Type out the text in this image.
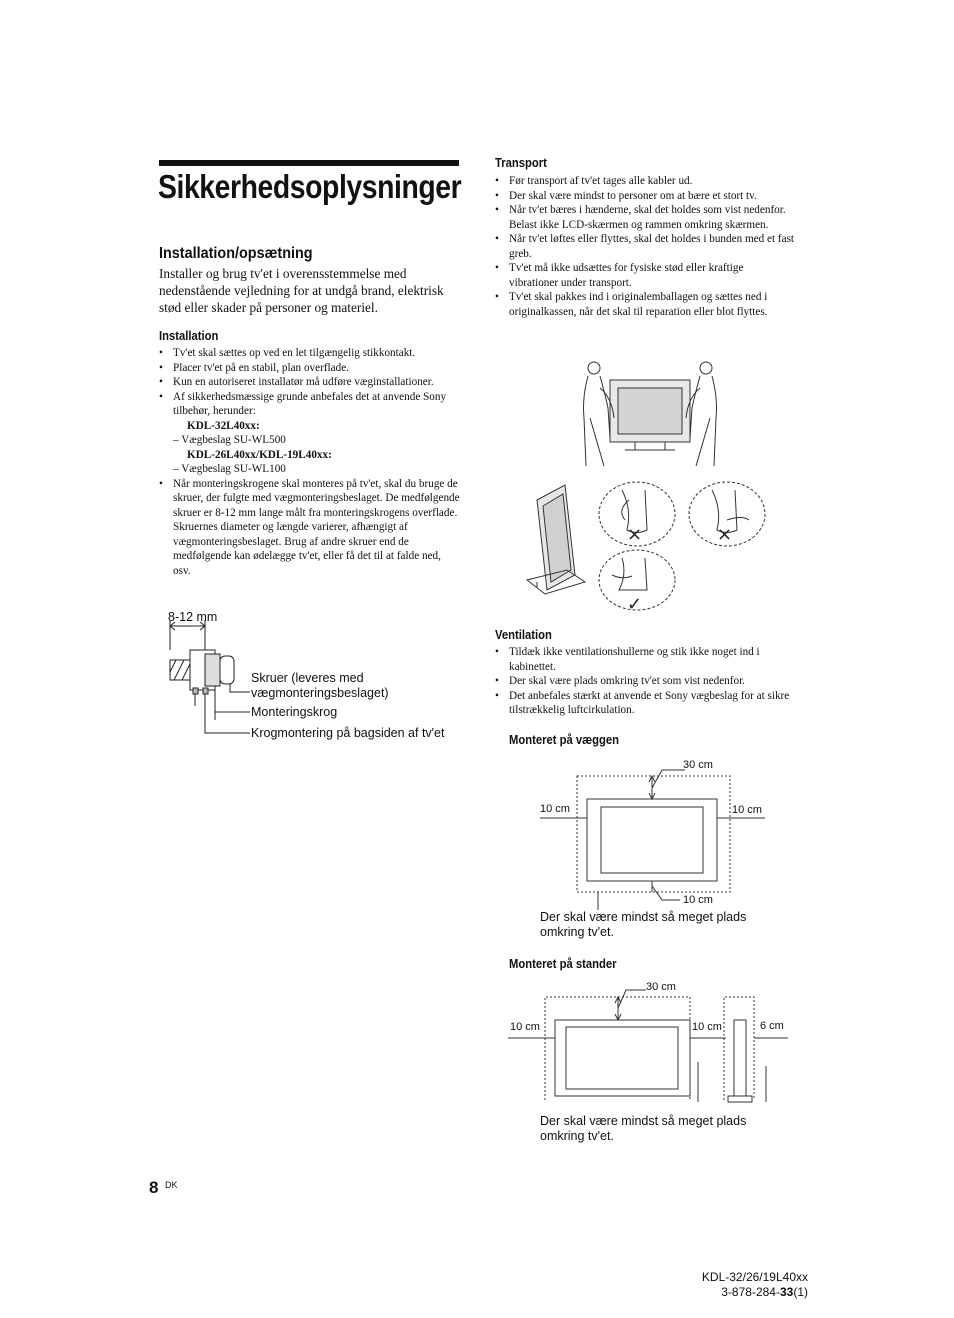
Sikkerhedsoplysninger
Installation/opsætning
Installer og brug tv'et i overensstemmelse med nedenstående vejledning for at undgå brand, elektrisk stød eller skader på personer og materiel.
Installation
• Tv'et skal sættes op ved en let tilgængelig stikkontakt.
• Placer tv'et på en stabil, plan overflade.
• Kun en autoriseret installatør må udføre væginstallationer.
• Af sikkerhedsmæssige grunde anbefales det at anvende Sony tilbehør, herunder:
KDL-32L40xx:
– Vægbeslag SU-WL500
KDL-26L40xx/KDL-19L40xx:
– Vægbeslag SU-WL100
• Når monteringskrogene skal monteres på tv'et, skal du bruge de skruer, der fulgte med vægmonteringsbeslaget. De medfølgende skruer er 8-12 mm lange målt fra monteringskrogens overflade.
Skruernes diameter og længde varierer, afhængigt af vægmonteringsbeslaget. Brug af andre skruer end de medfølgende kan ødelægge tv'et, eller få det til at falde ned, osv.
8-12 mm
Skruer (leveres med vægmonteringsbeslaget)
Monteringskrog
Krogmontering på bagsiden af tv'et
Transport
• Før transport af tv'et tages alle kabler ud.
• Der skal være mindst to personer om at bære et stort tv.
• Når tv'et bæres i hænderne, skal det holdes som vist nedenfor. Belast ikke LCD-skærmen og rammen omkring skærmen.
• Når tv'et løftes eller flyttes, skal det holdes i bunden med et fast greb.
• Tv'et må ikke udsættes for fysiske stød eller kraftige vibrationer under transport.
• Tv'et skal pakkes ind i originalemballagen og sættes ned i originalkassen, når det skal til reparation eller blot flyttes.
×	×
✓
Ventilation
• Tildæk ikke ventilationshullerne og stik ikke noget ind i kabinettet.
• Der skal være plads omkring tv'et som vist nedenfor.
• Det anbefales stærkt at anvende et Sony vægbeslag for at sikre tilstrækkelig luftcirkulation.
Monteret på væggen
30 cm
10 cm	10 cm
10 cm
Der skal være mindst så meget plads omkring tv'et.
Monteret på stander
30 cm
10 cm	10 cm	6 cm
Der skal være mindst så meget plads omkring tv'et.
8 DK
KDL-32/26/19L40xx
3-878-284-33(1)
